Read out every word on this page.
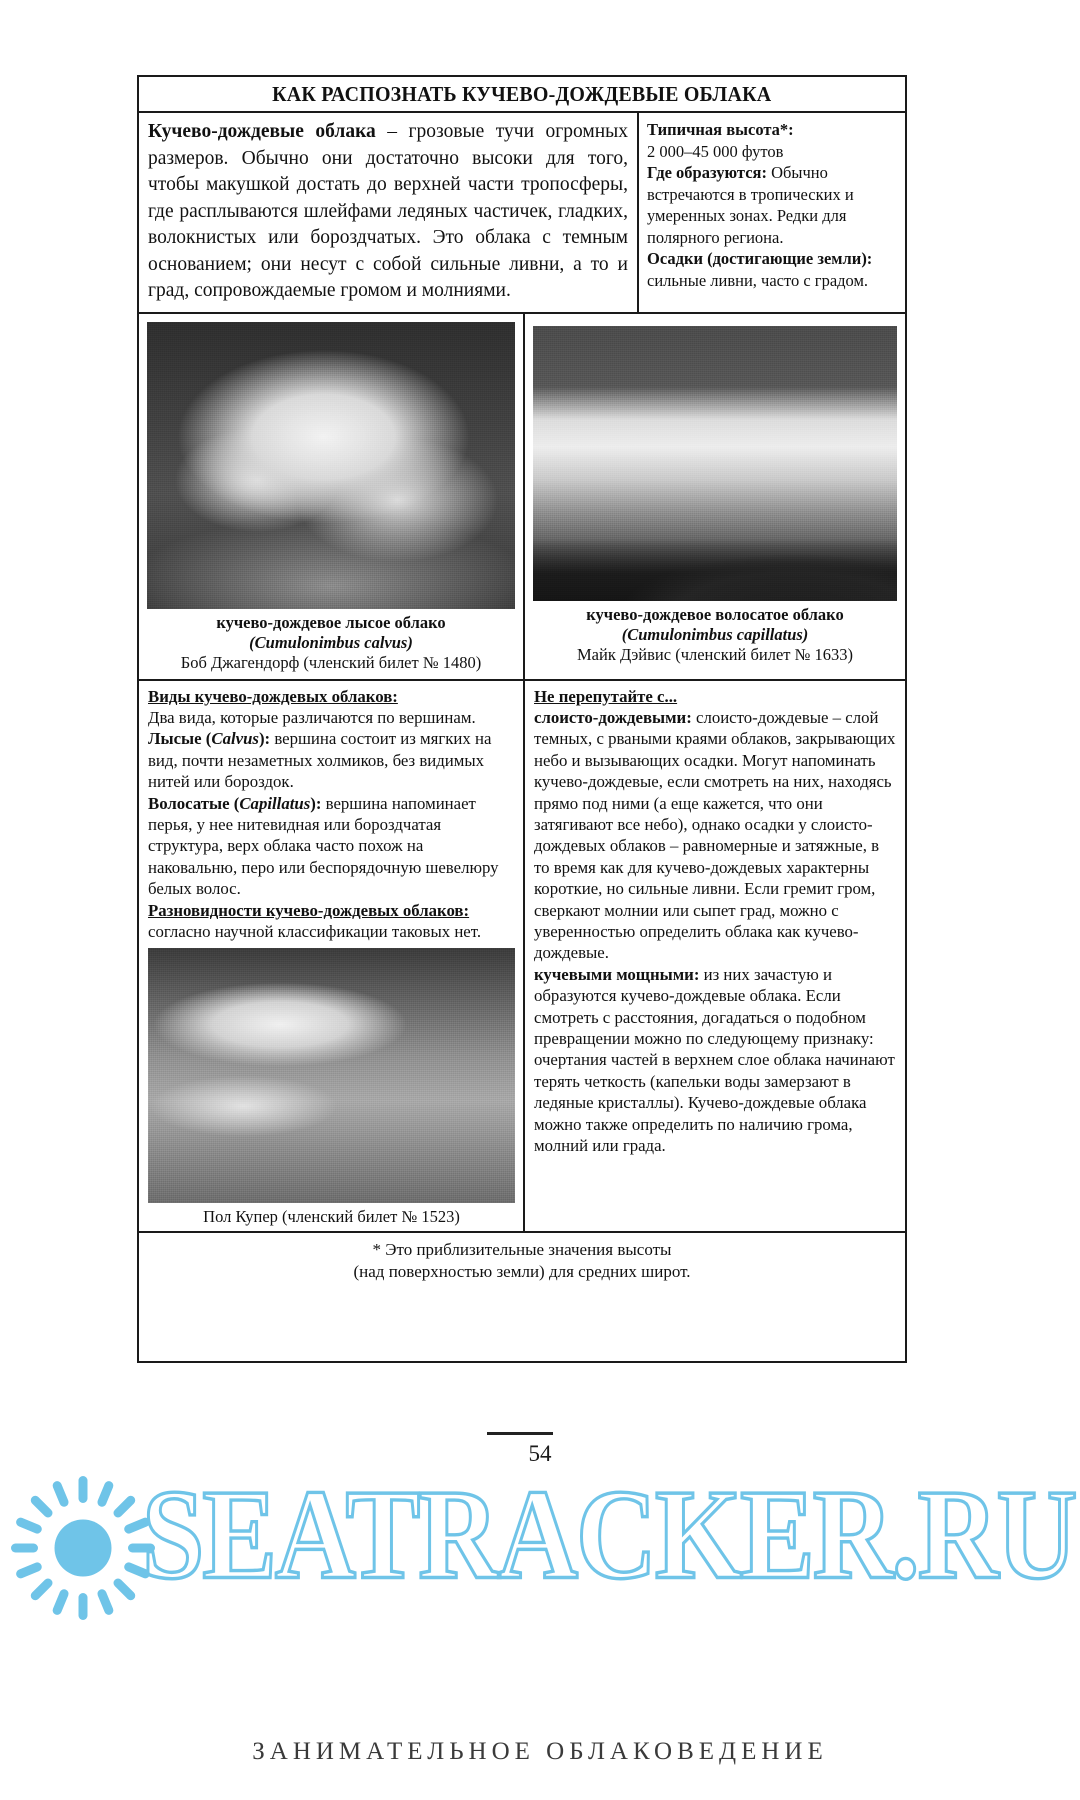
КАК РАСПОЗНАТЬ КУЧЕВО-ДОЖДЕВЫЕ ОБЛАКА

Кучево-дождевые облака – грозовые тучи огромных размеров. Обычно они достаточно высоки для того, чтобы макушкой достать до верхней части тропосферы, где расплываются шлейфами ледяных частичек, гладких, волокнистых или бороздчатых. Это облака с темным основанием; они несут с собой сильные ливни, а то и град, сопровождаемые громом и молниями.

Типичная высота*:

2 000–45 000 футов

Где образуются: Обычно встречаются в тропических и умеренных зонах. Редки для полярного региона.

Осадки (достигающие земли): сильные ливни, часто с градом.

кучево-дождевое лысое облако
(Cumulonimbus calvus)
Боб Джагендорф (членский билет № 1480)
кучево-дождевое волосатое облако
(Cumulonimbus capillatus)
Майк Дэйвис (членский билет № 1633)

Виды кучево-дождевых облаков:

Два вида, которые различаются по вершинам.

Лысые (Calvus): вершина состоит из мягких на вид, почти незаметных холмиков, без видимых нитей или бороздок.

Волосатые (Capillatus): вершина напоминает перья, у нее нитевидная или бороздчатая структура, верх облака часто похож на наковальню, перо или беспорядочную шевелюру белых волос.

Разновидности кучево-дождевых облаков:

согласно научной классификации таковых нет.

Пол Купер (членский билет № 1523)

Не перепутайте с...

слоисто-дождевыми: слоисто-дождевые – слой темных, с рваными краями облаков, закрывающих небо и вызывающих осадки. Могут напоминать кучево-дождевые, если смотреть на них, находясь прямо под ними (а еще кажется, что они затягивают все небо), однако осадки у слоисто-дождевых облаков – равномерные и затяжные, в то время как для кучево-дождевых характерны короткие, но сильные ливни. Если гремит гром, сверкают молнии или сыпет град, можно с уверенностью определить облака как кучево-дождевые.

кучевыми мощными: из них зачастую и образуются кучево-дождевые облака. Если смотреть с расстояния, догадаться о подобном превращении можно по следующему признаку: очертания частей в верхнем слое облака начинают терять четкость (капельки воды замерзают в ледяные кристаллы). Кучево-дождевые облака можно также определить по наличию грома, молний или града.

* Это приблизительные значения высоты
(над поверхностью земли) для средних широт.
54
SEATRACKER.RU
ЗАНИМАТЕЛЬНОЕ ОБЛАКОВЕДЕНИЕ
